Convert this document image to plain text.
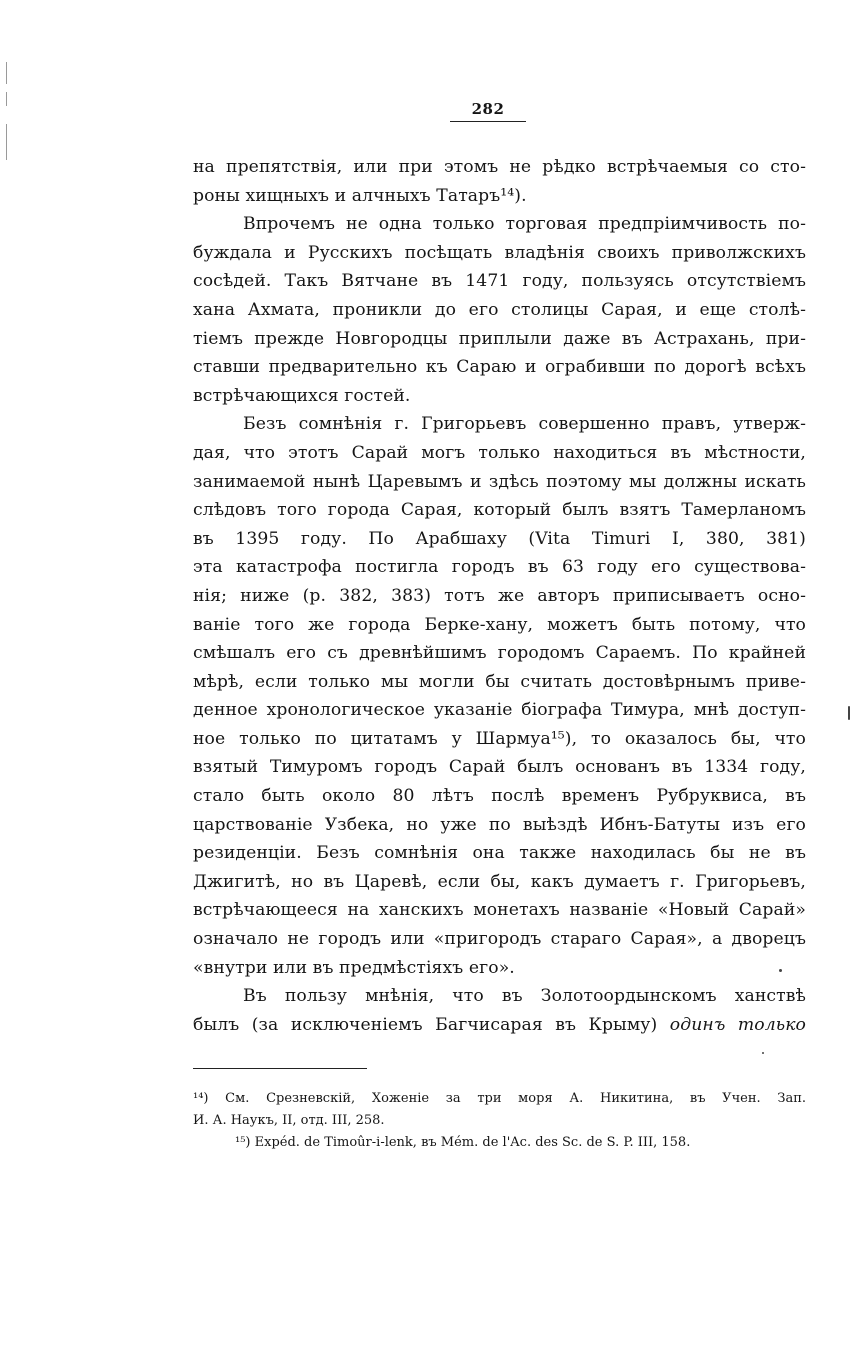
282
на препятствія, или при этомъ не рѣдко встрѣчаемыя со сто-
роны хищныхъ и алчныхъ Татаръ¹⁴).
Впрочемъ не одна только торговая предпріимчивость по-
буждала и Русскихъ посѣщать владѣнія своихъ приволжскихъ
сосѣдей. Такъ Вятчане въ 1471 году, пользуясь отсутствіемъ
хана Ахмата, проникли до его столицы Сарая, и еще столѣ-
тіемъ прежде Новгородцы приплыли даже въ Астрахань, при-
ставши предварительно къ Сараю и ограбивши по дорогѣ всѣхъ
встрѣчающихся гостей.
Безъ сомнѣнія г. Григорьевъ совершенно правъ, утверж-
дая, что этотъ Сарай могъ только находиться въ мѣстности,
занимаемой нынѣ Царевымъ и здѣсь поэтому мы должны искать
слѣдовъ того города Сарая, который былъ взятъ Тамерланомъ
въ 1395 году. По Арабшаху (Vita Timuri I, 380, 381)
эта катастрофа постигла городъ въ 63 году его существова-
нія; ниже (р. 382, 383) тотъ же авторъ приписываетъ осно-
ваніе того же города Берке-хану, можетъ быть потому, что
смѣшалъ его съ древнѣйшимъ городомъ Сараемъ. По крайней
мѣрѣ, если только мы могли бы считать достовѣрнымъ приве-
денное хронологическое указаніе біографа Тимура, мнѣ доступ-
ное только по цитатамъ у Шармуа¹⁵), то оказалось бы, что
взятый Тимуромъ городъ Сарай былъ основанъ въ 1334 году,
стало быть около 80 лѣтъ послѣ временъ Рубруквиса, въ
царствованіе Узбека, но уже по выѣздѣ Ибнъ-Батуты изъ его
резиденціи. Безъ сомнѣнія она также находилась бы не въ
Джигитѣ, но въ Царевѣ, если бы, какъ думаетъ г. Григорьевъ,
встрѣчающееся на ханскихъ монетахъ названіе «Новый Сарай»
означало не городъ или «пригородъ стараго Сарая», а дворецъ
«внутри или въ предмѣстіяхъ его».
Въ пользу мнѣнія, что въ Золотоордынскомъ ханствѣ
былъ (за исключеніемъ Багчисарая въ Крыму) одинъ только
¹⁴) См. Срезневскій, Хоженіе за три моря А. Никитина, въ Учен. Зап.
И. А. Наукъ, II, отд. III, 258.
¹⁵) Expéd. de Timoûr-i-lenk, въ Mém. de l'Ac. des Sc. de S. P. III, 158.
